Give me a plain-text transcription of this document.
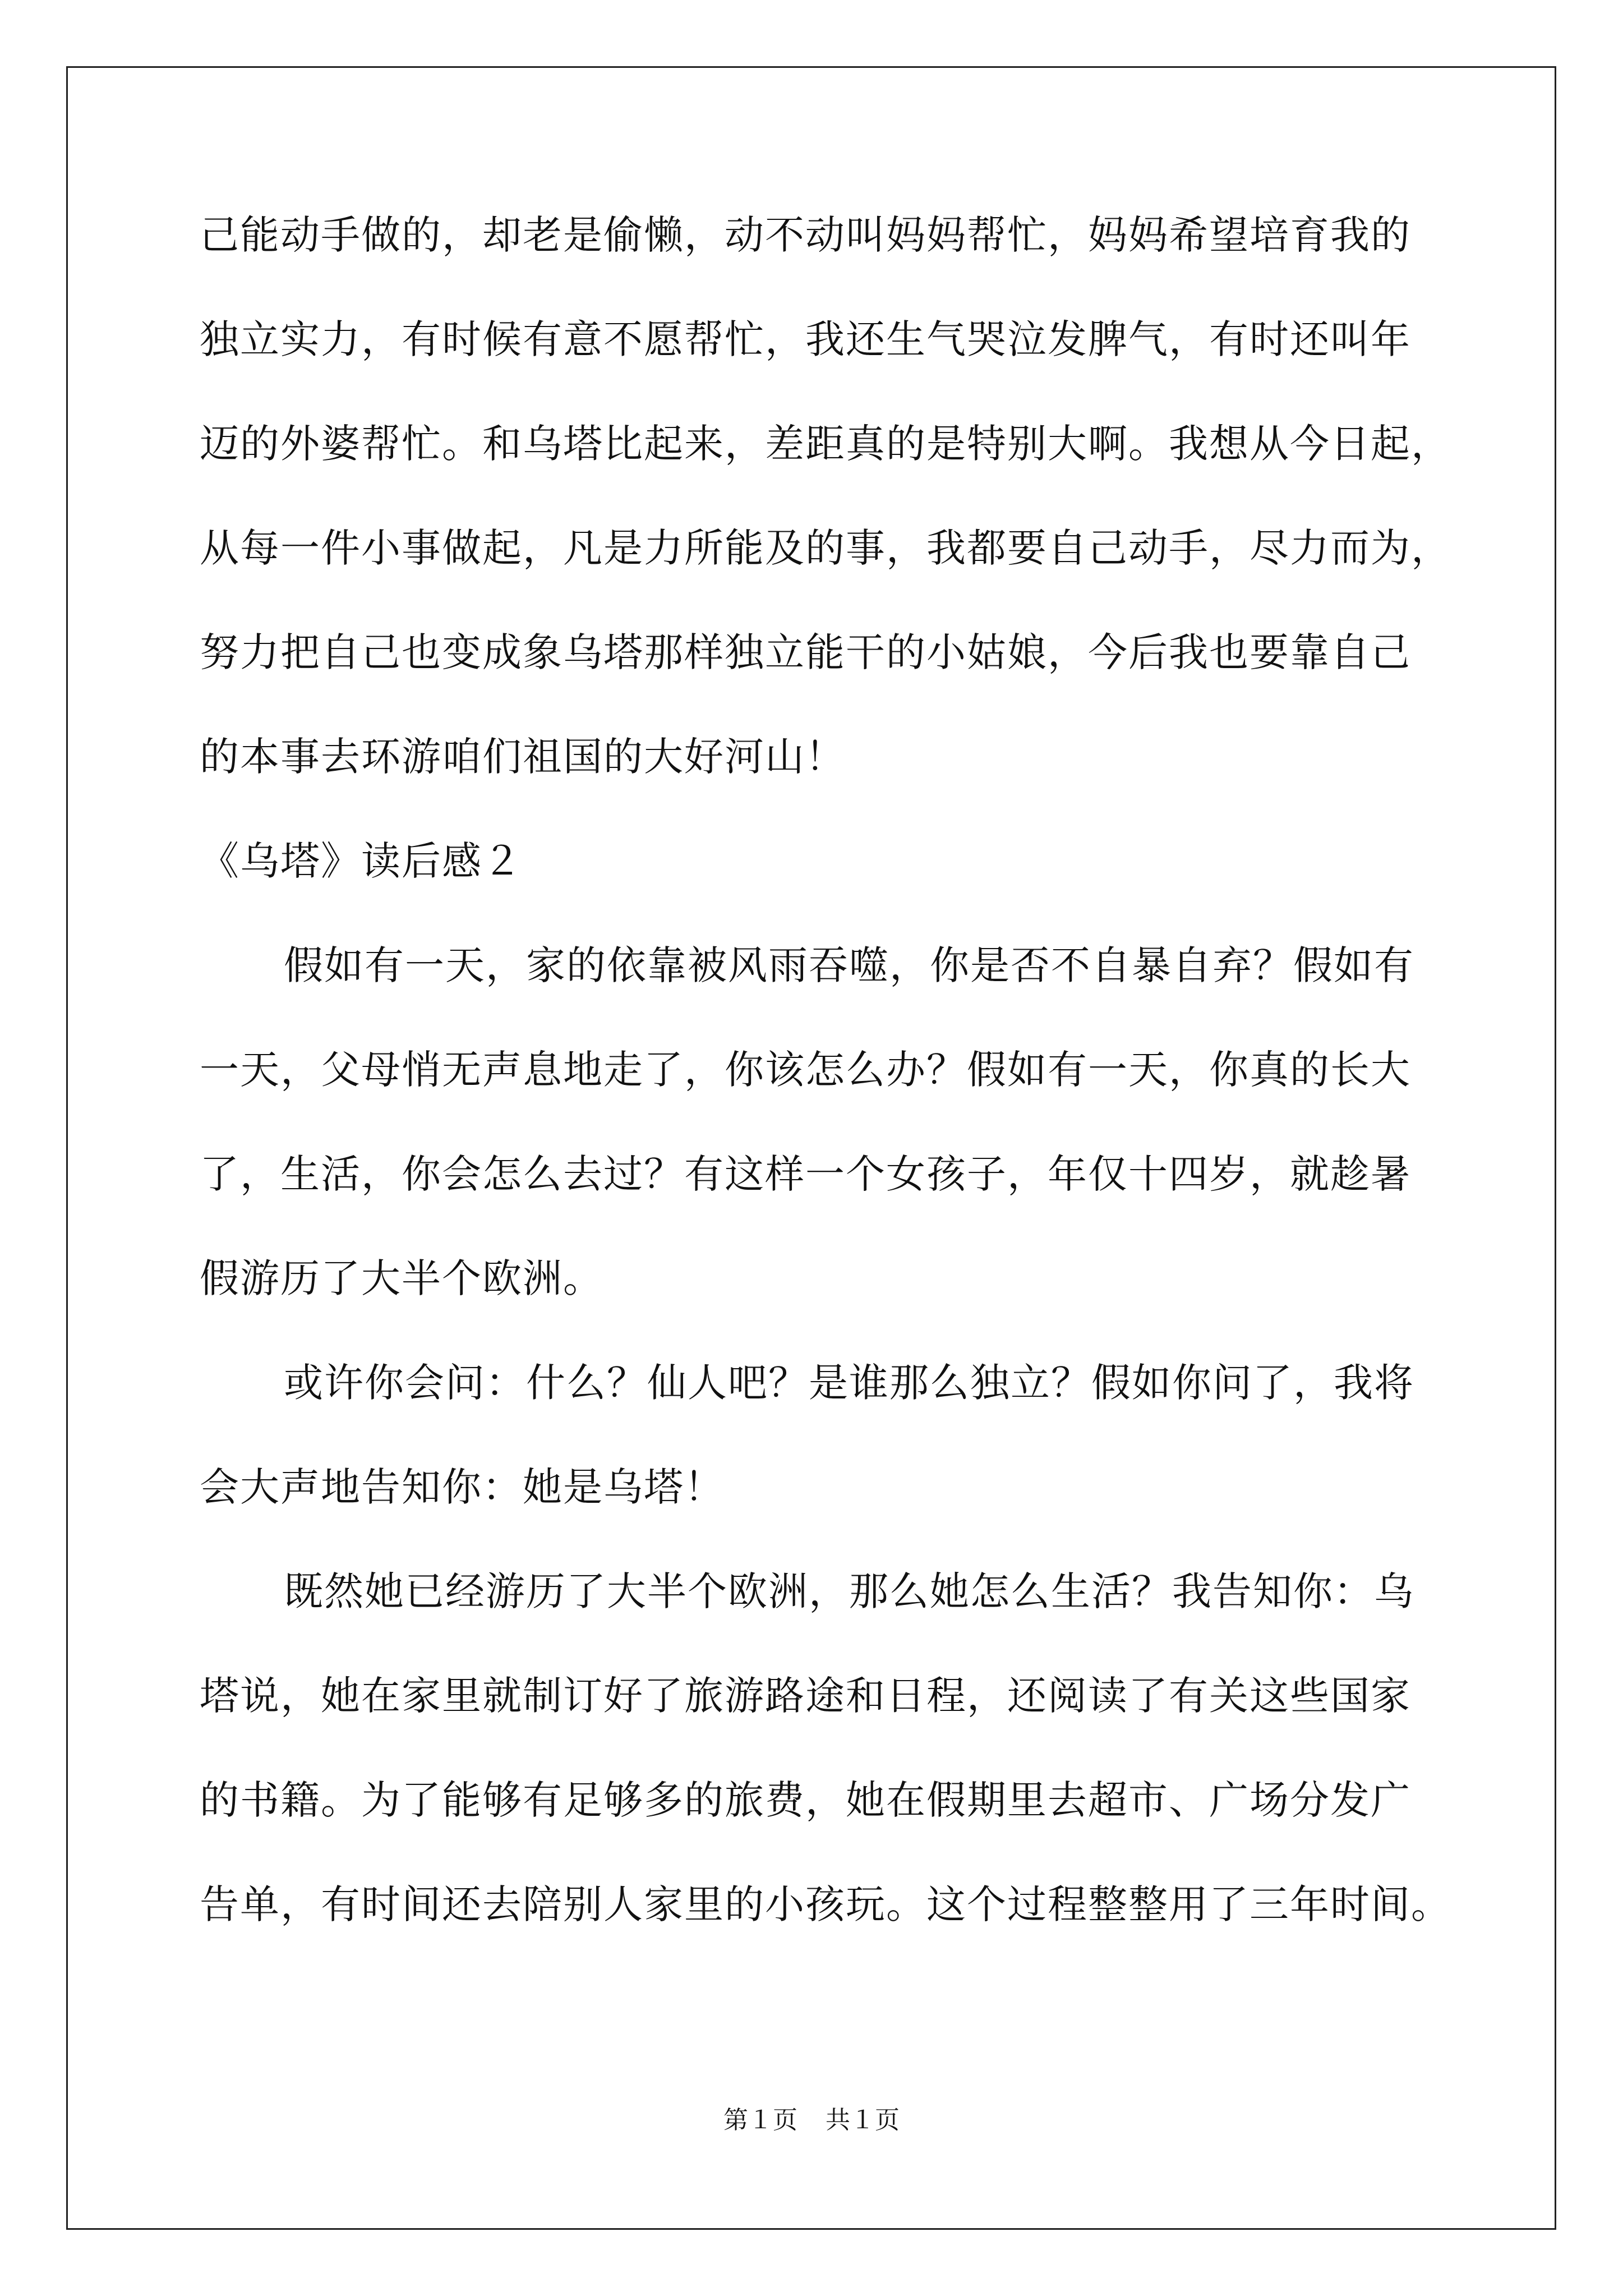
己能动手做的，却老是偷懒，动不动叫妈妈帮忙，妈妈希望培育我的
独立实力，有时候有意不愿帮忙，我还生气哭泣发脾气，有时还叫年
迈的外婆帮忙。和乌塔比起来，差距真的是特别大啊。我想从今日起，
从每一件小事做起，凡是力所能及的事，我都要自己动手，尽力而为，
努力把自己也变成象乌塔那样独立能干的小姑娘，今后我也要靠自己
的本事去环游咱们祖国的大好河山！
《乌塔》读后感２
假如有一天，家的依靠被风雨吞噬，你是否不自暴自弃？假如有
一天，父母悄无声息地走了，你该怎么办？假如有一天，你真的长大
了，生活，你会怎么去过？有这样一个女孩子，年仅十四岁，就趁暑
假游历了大半个欧洲。
或许你会问：什么？仙人吧？是谁那么独立？假如你问了，我将
会大声地告知你：她是乌塔！
既然她已经游历了大半个欧洲，那么她怎么生活？我告知你：乌
塔说，她在家里就制订好了旅游路途和日程，还阅读了有关这些国家
的书籍。为了能够有足够多的旅费，她在假期里去超市、广场分发广
告单，有时间还去陪别人家里的小孩玩。这个过程整整用了三年时间。
第１页 共１页
